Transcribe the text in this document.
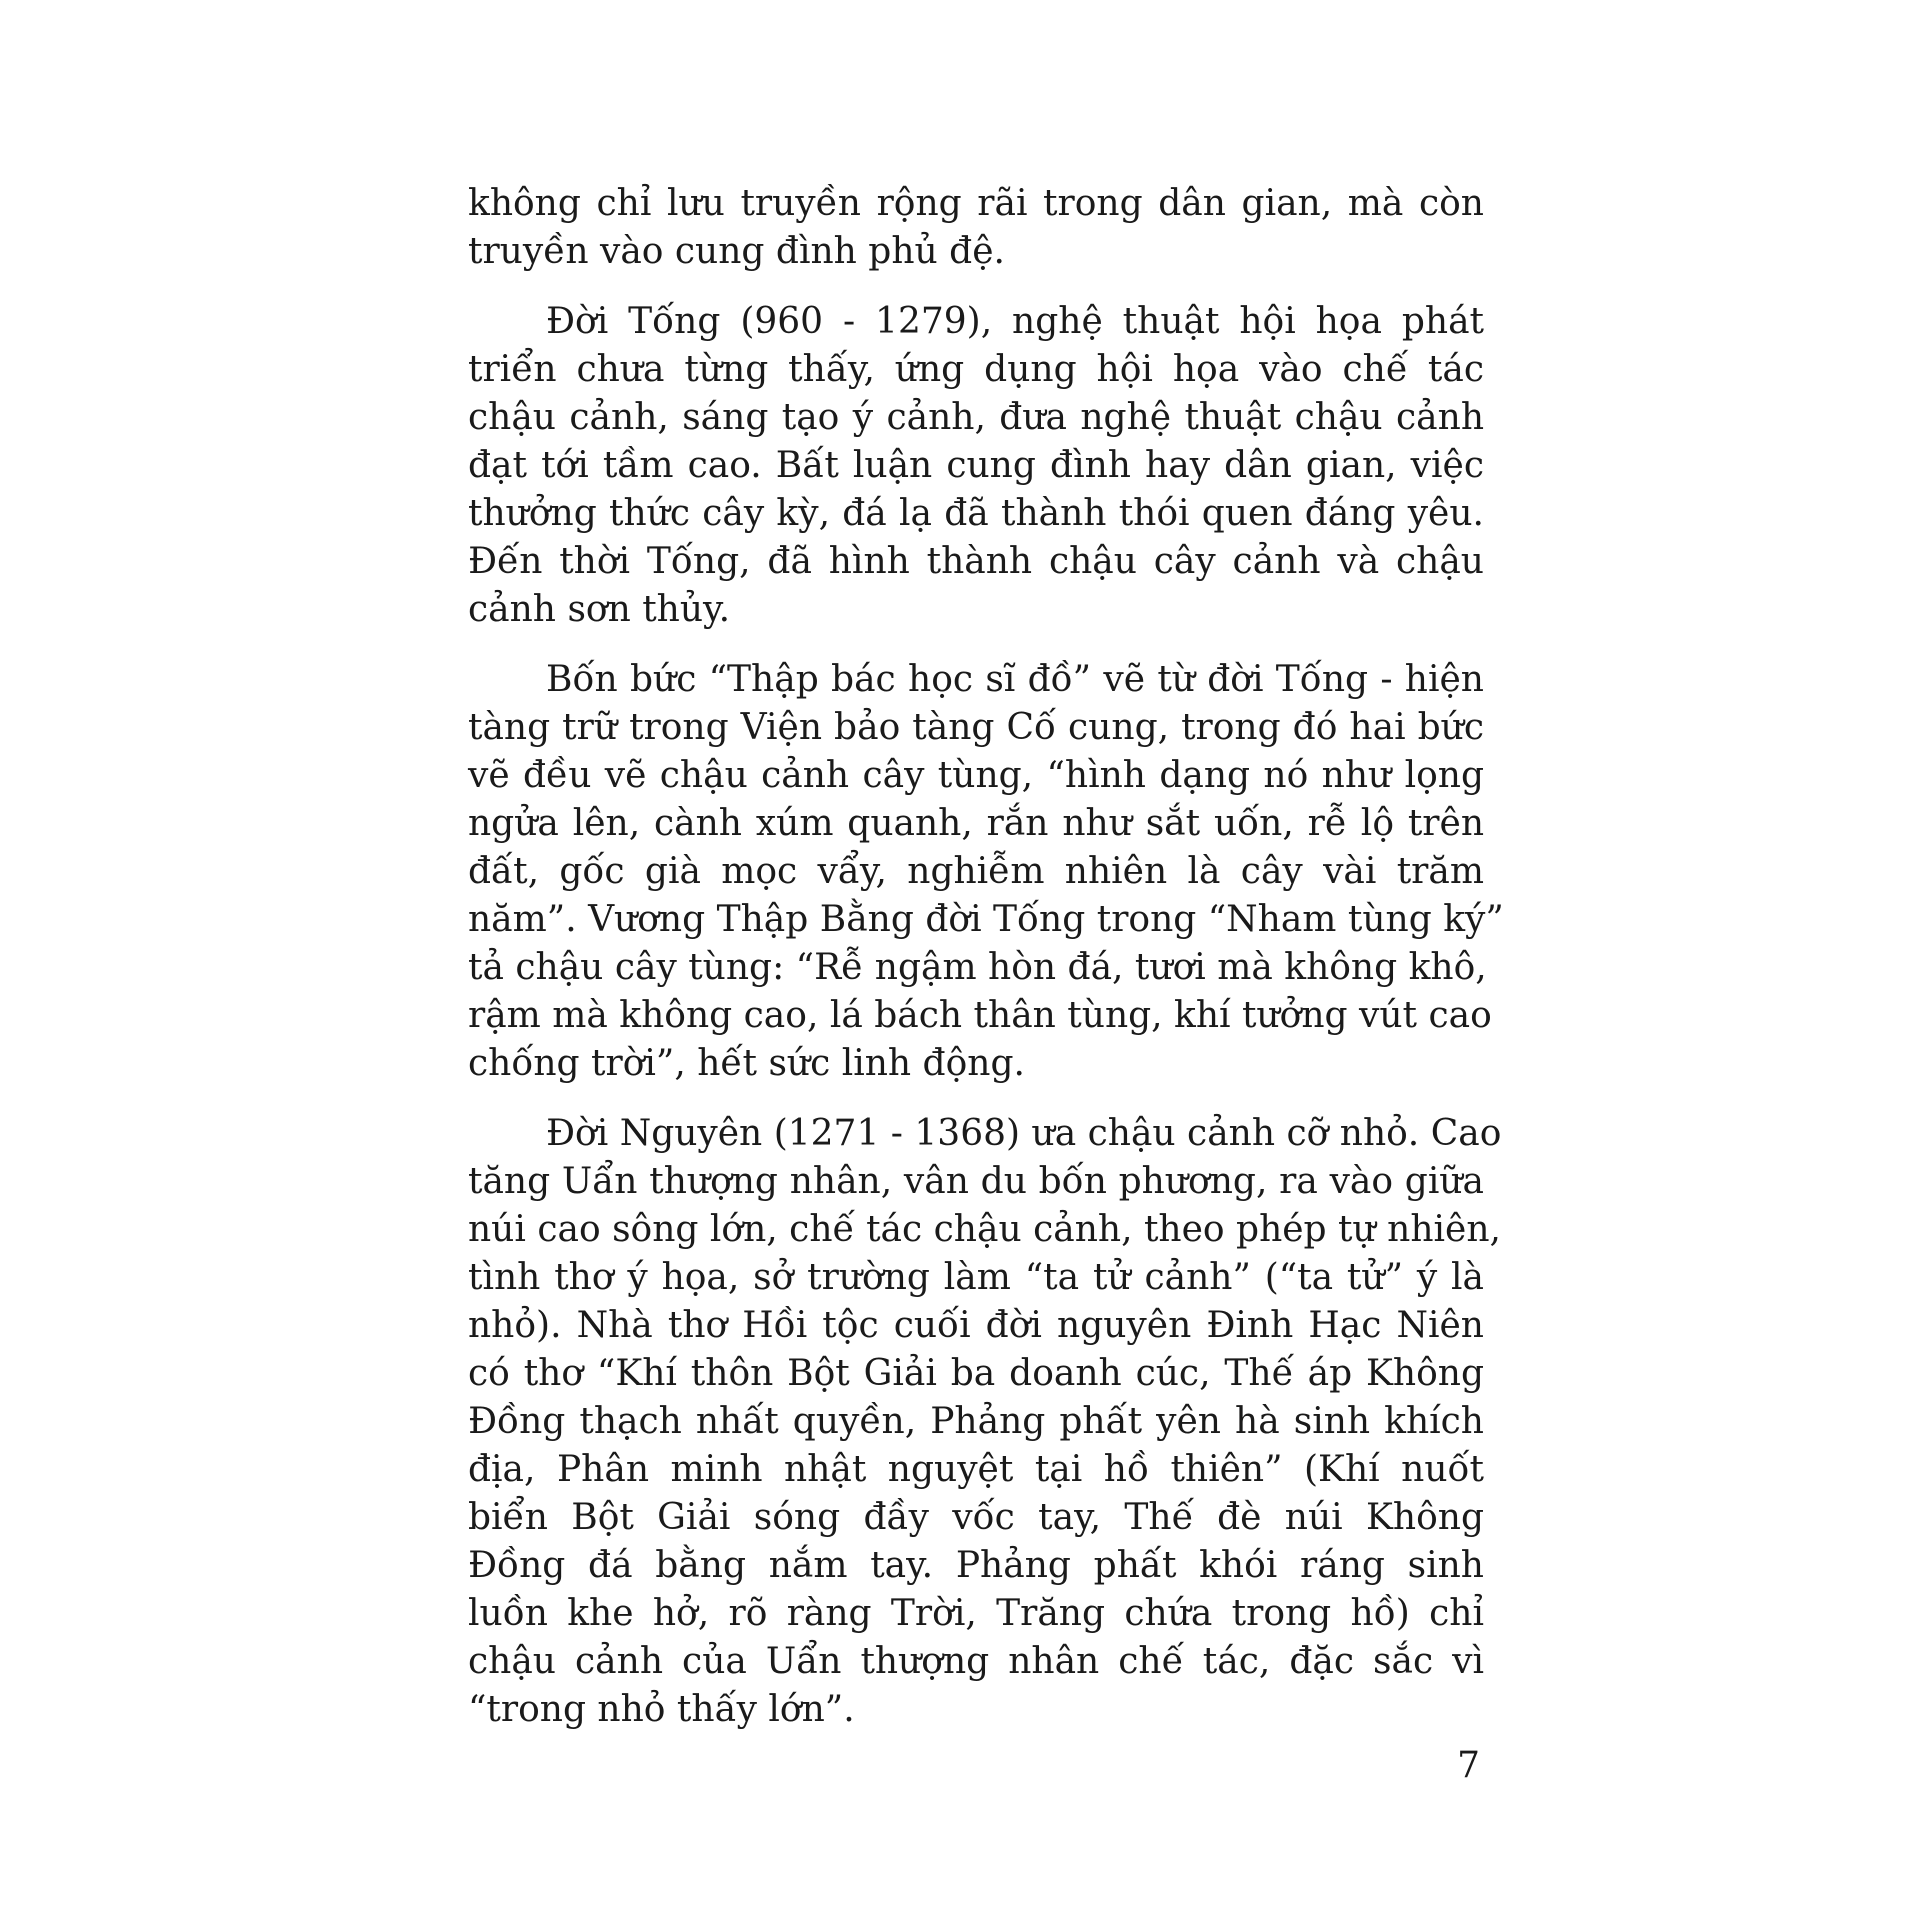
không chỉ lưu truyền rộng rãi trong dân gian, mà còn
truyền vào cung đình phủ đệ.
Đời Tống (960 - 1279), nghệ thuật hội họa phát
triển chưa từng thấy, ứng dụng hội họa vào chế tác
chậu cảnh, sáng tạo ý cảnh, đưa nghệ thuật chậu cảnh
đạt tới tầm cao. Bất luận cung đình hay dân gian, việc
thưởng thức cây kỳ, đá lạ đã thành thói quen đáng yêu.
Đến thời Tống, đã hình thành chậu cây cảnh và chậu
cảnh sơn thủy.
Bốn bức “Thập bác học sĩ đồ” vẽ từ đời Tống - hiện
tàng trữ trong Viện bảo tàng Cố cung, trong đó hai bức
vẽ đều vẽ chậu cảnh cây tùng, “hình dạng nó như lọng
ngửa lên, cành xúm quanh, rắn như sắt uốn, rễ lộ trên
đất, gốc già mọc vẩy, nghiễm nhiên là cây vài trăm
năm”. Vương Thập Bằng đời Tống trong “Nham tùng ký”
tả chậu cây tùng: “Rễ ngậm hòn đá, tươi mà không khô,
rậm mà không cao, lá bách thân tùng, khí tưởng vút cao
chống trời”, hết sức linh động.
Đời Nguyên (1271 - 1368) ưa chậu cảnh cỡ nhỏ. Cao
tăng Uẩn thượng nhân, vân du bốn phương, ra vào giữa
núi cao sông lớn, chế tác chậu cảnh, theo phép tự nhiên,
tình thơ ý họa, sở trường làm “ta tử cảnh” (“ta tử” ý là
nhỏ). Nhà thơ Hồi tộc cuối đời nguyên Đinh Hạc Niên
có thơ “Khí thôn Bột Giải ba doanh cúc, Thế áp Không
Đồng thạch nhất quyền, Phảng phất yên hà sinh khích
địa, Phân minh nhật nguyệt tại hồ thiên” (Khí nuốt
biển Bột Giải sóng đầy vốc tay, Thế đè núi Không
Đồng đá bằng nắm tay. Phảng phất khói ráng sinh
luồn khe hở, rõ ràng Trời, Trăng chứa trong hồ) chỉ
chậu cảnh của Uẩn thượng nhân chế tác, đặc sắc vì
“trong nhỏ thấy lớn”.
7
